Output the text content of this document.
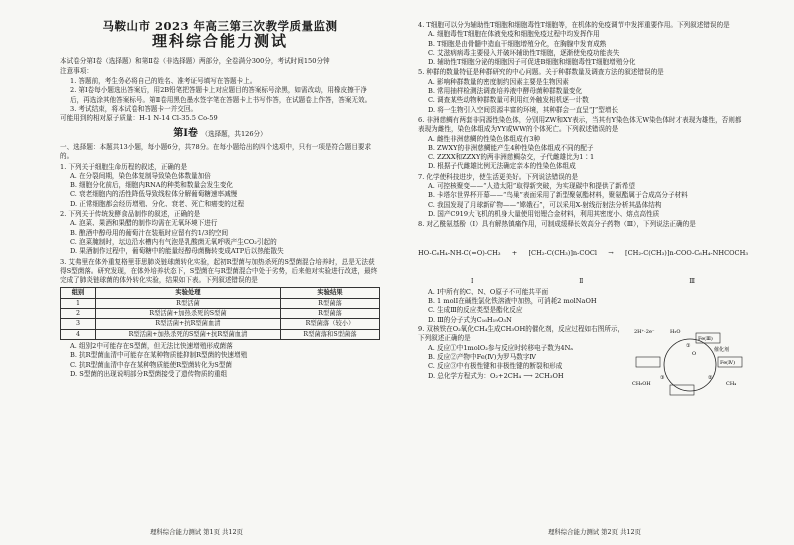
马鞍山市 2023 年高三第三次教学质量监测
理科综合能力测试
本试卷分第Ⅰ卷（选择题）和第Ⅱ卷（非选择题）两部分，全卷满分300分，考试时间150分钟
注意事项：
1. 答题前，考生务必将自己的姓名、准考证号填写在答题卡上。
2. 第Ⅰ卷每小题选出答案后，用2B铅笔把答题卡上对应题目的答案标号涂黑，如需改动，用橡皮擦干净后，再选涂其他答案标号。第Ⅱ卷用黑色墨水签字笔在答题卡上书写作答，在试题卷上作答，答案无效。
3. 考试结束，将本试卷和答题卡一并交回。
可能用到的相对原子质量：H-1 N-14 Cl-35.5 Co-59
第Ⅰ卷 （选择题，共126分）
一、选择题：本题共13小题，每小题6分，共78分。在每小题给出的四个选项中，只有一项是符合题目要求的。
1. 下列关于细胞生命历程的叙述，正确的是
A. 在分裂间期，染色体复制导致染色体数量加倍
B. 细胞分化前后，细胞内RNA的种类和数量会发生变化
C. 衰老细胞内的活性降低导致线粒体分解葡萄糖速率减慢
D. 正常细胞都会经历增殖、分化、衰老、死亡和癌变的过程
2. 下列关于传统发酵食品制作的叙述，正确的是
A. 泡菜、果酒和果醋的制作均需在无氧环境下进行
B. 酿酒中醇母用的葡萄汁在装瓶时应留有约1/3的空间
C. 泡菜腌制时，坛边沿水槽内有气泡是乳酸菌无氧呼吸产生CO₂引起的
D. 果酒制作过程中，葡萄糖中的能量经醇母菌酶转变成ATP后以热能散失
3. 艾弗里在体外重复格里菲思肺炎链球菌转化实验，起初R型菌与加热杀死的S型菌混合培养时，总是无法获得S型菌落。研究发现，在体外培养状态下，S型菌在与R型菌混合中处于劣势，后来他对实验进行改进，最终完成了肺炎链球菌的体外转化实验，结果如下表。下列叙述错误的是
组别	实验处理	实验结果
1	R型活菌	R型菌落
2	R型活菌+加热杀死的S型菌	R型菌落
3	R型活菌+抗R型菌血清	R型菌落（较小）
4	R型活菌+加热杀死的S型菌+抗R型菌血清	R型菌落和S型菌落
A. 组别2中可能存在S型菌，但无法比快速增殖形成菌落
B. 抗R型菌血清中可能存在某种物质能抑制R型菌的快速增殖
C. 抗R型菌血清中存在某种物质能使R型菌转化为S型菌
D. S型菌的出现说明部分R型菌接受了遗传物质的重组
4. T细胞可以分为辅助性T细胞和细胞毒性T细胞等，在机体的免疫调节中发挥重要作用。下列叙述错误的是
A. 细胞毒性T细胞在体液免疫和细胞免疫过程中均发挥作用
B. T细胞是由骨髓中造血干细胞增殖分化，在胸腺中发育成熟
C. 艾滋病病毒主要侵入并破坏辅助性T细胞，逐渐使免疫功能丧失
D. 辅助性T细胞分泌的细胞因子可促进B细胞和细胞毒性T细胞增殖分化
5. 种群的数量特征是种群研究的中心问题。关于种群数量及调查方法的叙述错误的是
A. 影响种群数量的密度制约因素主要是生物因素
B. 常用抽样检测法调查培养液中酵母菌种群数量变化
C. 调查某些动物种群数量可利用红外触发相机逐一计数
D. 将一生物引入空间资源丰富的环境，其种群会一直呈“J”型增长
6. 非洲慈鲷有两套非同源性染色体，分别用ZW和XY表示，当其有Y染色体无W染色体时才表现为雄性，否则都表现为雌性，染色体组成为YY或WW的个体死亡。下列叙述错误的是
A. 雌性非洲慈鲷的性染色体组成有3种
B. ZWXY的非洲慈鲷能产生4种性染色体组成不同的配子
C. ZZXX和ZZXY的两非洲慈鲷杂交，子代雌雄比为1∶1
D. 根据子代雌雄比例无法确定亲本的性染色体组成
7. 化学使科技进步，使生活更美好。下列说法错误的是
A. 可控核聚变——“人造太阳”取得新突破，为实现碳中和提供了新希望
B. 卡塔尔世界杯开幕——“鸟巢”表面采用了新型聚氨酯材料，聚氨酯属于合成高分子材料
C. 我国发现了月球新矿物——“嫦娥石”，可以采用X-射线衍射法分析其晶体结构
D. 国产C919大飞机的机身大量使用铝锂合金材料，利用其密度小、熔点高性质
8. 对乙酰氨基酚（Ⅰ）具有解热镇痛作用，可制成缓释长效高分子药物（Ⅲ），下列说法正确的是
HO-C₆H₄-NH-C(=O)-CH₃ + [CH₂-C(CH₃)]n-COCl → [CH₂-C(CH₃)]n-COO-C₆H₄-NHCOCH₃
Ⅰ	Ⅱ	Ⅲ
A. Ⅰ中所有的C、N、O原子不可能共平面
B. 1 molⅠ在碱性氯化铁溶液中加热，可消耗2 molNaOH
C. 生成Ⅲ的反应类型是酯化反应
D. Ⅲ的分子式为C₁₆H₁₉O₃N
9. 双核铁在O₂氧化CH₄生成CH₃OH的催化剂，反应过程如右图所示，下列叙述正确的是
A. 反应①中1molO₂参与反应时转移电子数为4Nₐ
B. 反应②产物中Fe(Ⅳ)为罗马数字Ⅳ
C. 反应③中有极性键和非极性键的断裂和形成
D. 总化学方程式为：O₂+2CH₄ ⟶ 2CH₃OH
2H⁺·2e⁻	H₂O
Fe(Ⅲ)
Fe(Ⅳ)
O
CH₄
CH₃OH
①
②
③
催化剂
理科综合能力测试 第1页 共12页	理科综合能力测试 第2页 共12页
